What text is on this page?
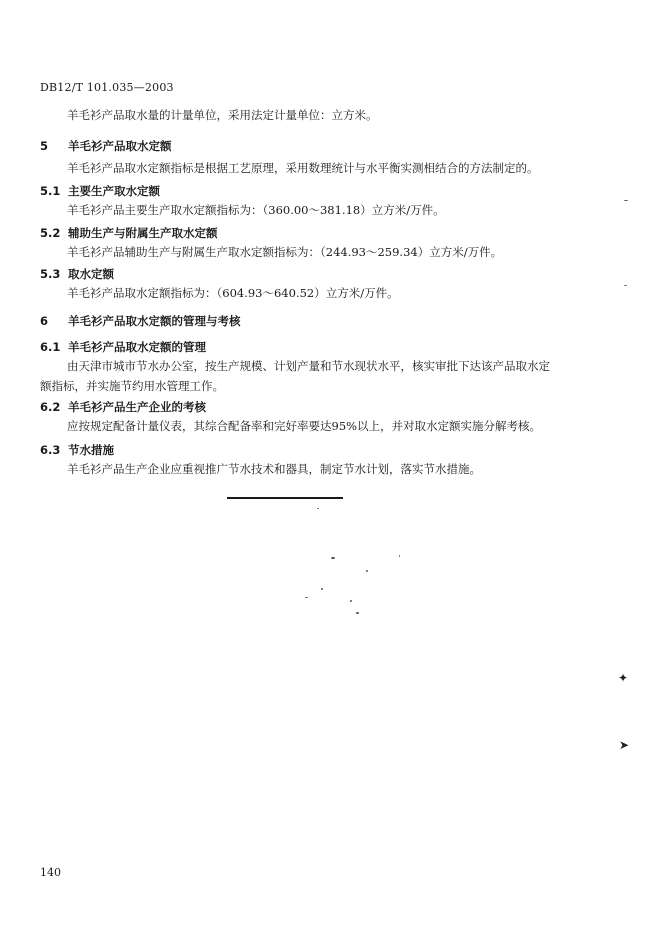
DB12/T 101.035—2003
羊毛衫产品取水量的计量单位，采用法定计量单位：立方米。
5 羊毛衫产品取水定额
羊毛衫产品取水定额指标是根据工艺原理，采用数理统计与水平衡实测相结合的方法制定的。
5.1 主要生产取水定额
羊毛衫产品主要生产取水定额指标为：（360.00～381.18）立方米/万件。
5.2 辅助生产与附属生产取水定额
羊毛衫产品辅助生产与附属生产取水定额指标为：（244.93～259.34）立方米/万件。
5.3 取水定额
羊毛衫产品取水定额指标为：（604.93～640.52）立方米/万件。
6 羊毛衫产品取水定额的管理与考核
6.1 羊毛衫产品取水定额的管理
由天津市城市节水办公室，按生产规模、计划产量和节水现状水平，核实审批下达该产品取水定
额指标，并实施节约用水管理工作。
6.2 羊毛衫产品生产企业的考核
应按规定配备计量仪表，其综合配备率和完好率要达95%以上，并对取水定额实施分解考核。
6.3 节水措施
羊毛衫产品生产企业应重视推广节水技术和器具，制定节水计划，落实节水措施。
✦
➤
140
